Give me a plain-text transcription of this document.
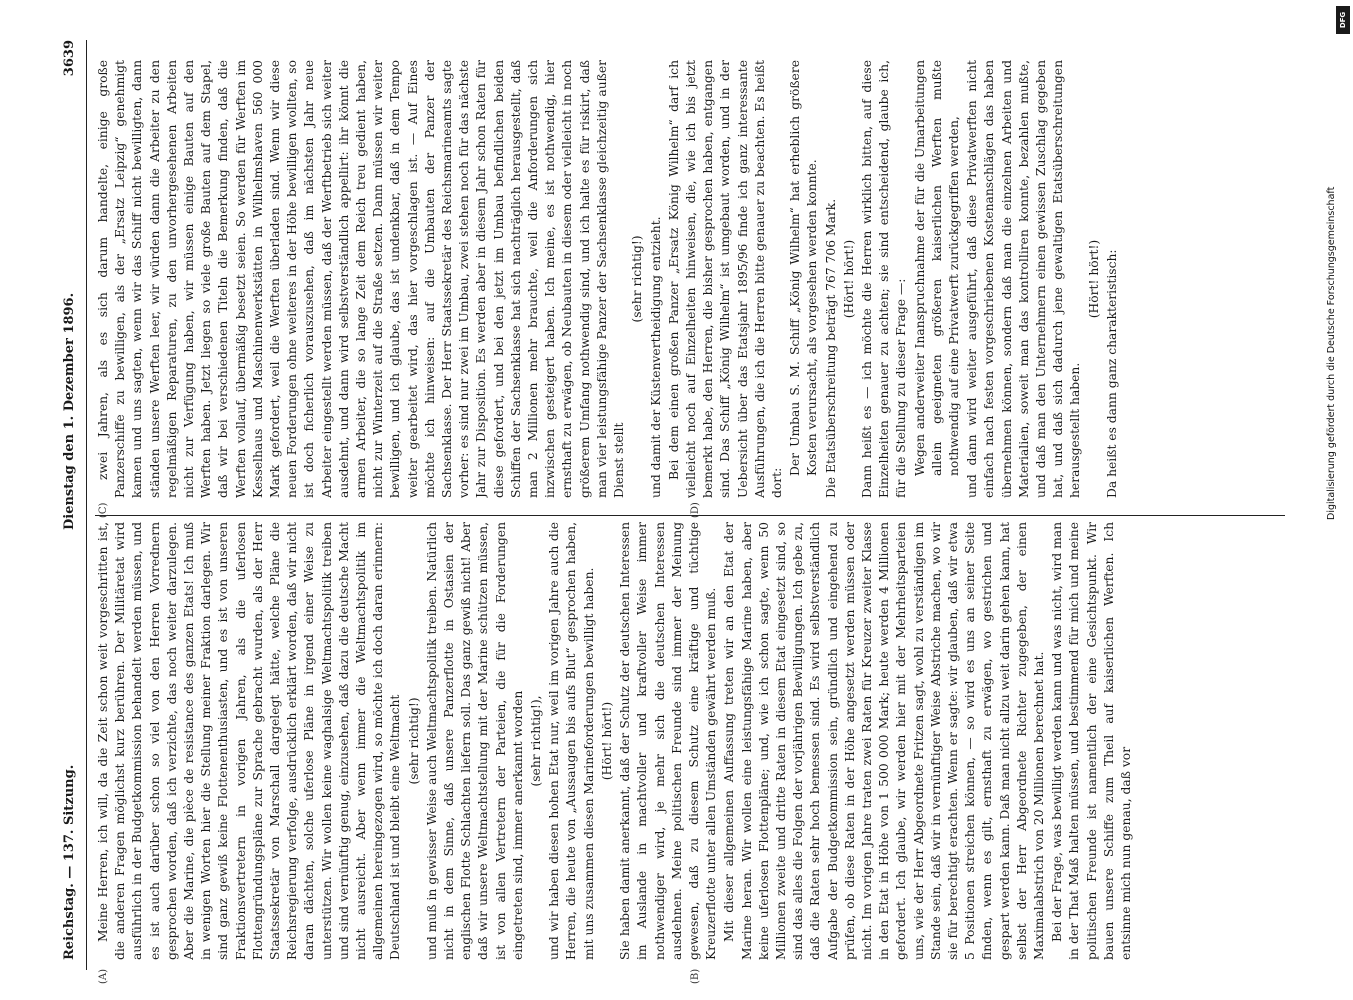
Reichstag. — 137. Sitzung.
Dienstag den 1. Dezember 1896.
3639
(A)	(B)
(C)	(D)

Meine Herren, ich will, da die Zeit schon weit vorgeschritten ist, die anderen Fragen möglichst kurz berühren. Der Militäretat wird ausführlich in der Budgetkommission behandelt werden müssen, und es ist auch darüber schon so viel von den Herren Vorrednern gesprochen worden, daß ich verzichte, das noch weiter darzulegen. Aber die Marine, die pièce de resistance des ganzen Etats! Ich muß in wenigen Worten hier die Stellung meiner Fraktion darlegen. Wir sind ganz gewiß keine Flottenenthusiasten, und es ist von unseren Fraktionsvertretern in vorigen Jahren, als die uferlosen Flottengründungspläne zur Sprache gebracht wurden, als der Herr Staatssekretär von Marschall dargelegt hätte, welche Pläne die Reichsregierung verfolge, ausdrücklich erklärt worden, daß wir nicht daran dächten, solche uferlose Pläne in irgend einer Weise zu unterstützen. Wir wollen keine waghalsige Weltmachtspolitik treiben und sind vernünftig genug, einzusehen, daß dazu die deutsche Macht nicht ausreicht. Aber wenn immer die Weltmachtspolitik im allgemeinen hereingezogen wird, so möchte ich doch daran erinnern: Deutschland ist und bleibt eine Weltmacht (sehr richtig!) und muß in gewisser Weise auch Weltmachtspolitik treiben. Natürlich nicht in dem Sinne, daß unsere Panzerflotte in Ostasien der englischen Flotte Schlachten liefern soll. Das ganz gewiß nicht! Aber daß wir unsere Weltmachtstellung mit der Marine schützen müssen, ist von allen Vertretern der Parteien, die für die Forderungen eingetreten sind, immer anerkannt worden (sehr richtig!), und wir haben diesen hohen Etat nur, weil im vorigen Jahre auch die Herren, die heute von „Aussaugen bis aufs Blut“ gesprochen haben, mit uns zusammen diesen Marineforderungen bewilligt haben. (Hört! hört!) Sie haben damit anerkannt, daß der Schutz der deutschen Interessen im Auslande in machtvoller und kraftvoller Weise immer nothwendiger wird, je mehr sich die deutschen Interessen ausdehnen. Meine politischen Freunde sind immer der Meinung gewesen, daß zu diesem Schutz eine kräftige und tüchtige Kreuzerflotte unter allen Umständen gewährt werden muß. Mit dieser allgemeinen Auffassung treten wir an den Etat der Marine heran. Wir wollen eine leistungsfähige Marine haben, aber keine uferlosen Flottenpläne; und, wie ich schon sagte, wenn 50 Millionen zweite und dritte Raten in diesem Etat eingesetzt sind, so sind das alles die Folgen der vorjährigen Bewilligungen. Ich gebe zu, daß die Raten sehr hoch bemessen sind. Es wird selbstverständlich Aufgabe der Budgetkommission sein, gründlich und eingehend zu prüfen, ob diese Raten in der Höhe angesetzt werden müssen oder nicht. Im vorigen Jahre traten zwei Raten für Kreuzer zweiter Klasse in den Etat in Höhe von 1 500 000 Mark; heute werden 4 Millionen gefordert. Ich glaube, wir werden hier mit der Mehrheitsparteien uns, wie der Herr Abgeordnete Fritzen sagt, wohl zu verständigen im Stande sein, daß wir in vernünftiger Weise Abstriche machen, wo wir sie für berechtigt erachten. Wenn er sagte: wir glauben, daß wir etwa 5 Positionen streichen können, — so wird es uns an seiner Seite finden, wenn es gilt, ernsthaft zu erwägen, wo gestrichen und gespart werden kann. Daß man nicht allzu weit darin gehen kann, hat selbst der Herr Abgeordnete Richter zugegeben, der einen Maximalabstrich von 20 Millionen berechnet hat. Bei der Frage, was bewilligt werden kann und was nicht, wird man in der That Maß halten müssen, und bestimmend für mich und meine politischen Freunde ist namentlich der eine Gesichtspunkt. Wir bauen unsere Schiffe zum Theil auf kaiserlichen Werften. Ich entsinne mich nun genau, daß vor

zwei Jahren, als es sich darum handelte, einige große Panzerschiffe zu bewilligen, als der „Ersatz Leipzig“ genehmigt kamen und uns sagten, wenn wir das Schiff nicht bewilligten, dann ständen unsere Werften leer, wir würden dann die Arbeiter zu den regelmäßigen Reparaturen, zu den unvorhergesehenen Arbeiten nicht zur Verfügung haben, wir müssen einige Bauten auf den Werften haben. Jetzt liegen so viele große Bauten auf dem Stapel, daß wir bei verschiedenen Titeln die Bemerkung finden, daß die Werften vollauf, übermäßig besetzt seien. So werden für Werften im Kesselhaus und Maschinenwerkstätten in Wilhelmshaven 560 000 Mark gefordert, weil die Werften überladen sind. Wenn wir diese neuen Forderungen ohne weiteres in der Höhe bewilligen wollten, so ist doch ficherlich vorauszusehen, daß im nächsten Jahr neue Arbeiter eingestellt werden müssen, daß der Werftbetrieb sich weiter ausdehnt, und dann wird selbstverständlich appellirt: ihr könnt die armen Arbeiter, die so lange Zeit dem Reich treu gedient haben, nicht zur Winterzeit auf die Straße setzen. Dann müssen wir weiter bewilligen, und ich glaube, das ist undenkbar, daß in dem Tempo weiter gearbeitet wird, das hier vorgeschlagen ist. — Auf Eines möchte ich hinweisen: auf die Umbauten der Panzer der Sachsenklasse. Der Herr Staatssekretär des Reichsmarineamts sagte vorher: es sind nur zwei im Umbau, zwei stehen noch für das nächste Jahr zur Disposition. Es werden aber in diesem Jahr schon Raten für diese gefordert, und bei den jetzt im Umbau befindlichen beiden Schiffen der Sachsenklasse hat sich nachträglich herausgestellt, daß man 2 Millionen mehr brauchte, weil die Anforderungen sich inzwischen gesteigert haben. Ich meine, es ist nothwendig, hier ernsthaft zu erwägen, ob Neubauten in diesem oder vielleicht in noch größerem Umfang nothwendig sind, und ich halte es für riskirt, daß man vier leistungsfähige Panzer der Sachsenklasse gleichzeitig außer Dienst stellt

(sehr richtig!) und damit der Küstenvertheidigung entzieht. Bei dem einen großen Panzer „Ersatz König Wilhelm“ darf ich vielleicht noch auf Einzelheiten hinweisen, die, wie ich bis jetzt bemerkt habe, den Herren, die bisher gesprochen haben, entgangen sind. Das Schiff „König Wilhelm“ ist umgebaut worden, und in der Uebersicht über das Etatsjahr 1895/96 finde ich ganz interessante Ausführungen, die ich die Herren bitte genauer zu beachten. Es heißt dort:

Der Umbau S. M. Schiff „König Wilhelm“ hat erheblich größere Kosten verursacht, als vorgesehen werden konnte. Die Etatsüberschreitung beträgt 767 706 Mark. (Hört! hört!) Dann heißt es — ich möchte die Herren wirklich bitten, auf diese Einzelheiten genauer zu achten; sie sind entscheidend, glaube ich, für die Stellung zu dieser Frage —: Wegen anderweiter Inanspruchnahme der für die Umarbeitungen allein geeigneten größeren kaiserlichen Werften mußte nothwendig auf eine Privatwerft zurückgegriffen werden, und dann wird weiter ausgeführt, daß diese Privatwerften nicht einfach nach festen vorgeschriebenen Kostenanschlägen das haben übernehmen können, sondern daß man die einzelnen Arbeiten und Materialien, soweit man das kontrolliren konnte, bezahlen mußte, und daß man den Unternehmern einen gewissen Zuschlag gegeben hat, und daß sich dadurch jene gewaltigen Etatsüberschreitungen herausgestellt haben.

(Hört! hört!) Da heißt es dann ganz charakteristisch:	Digitalisierung gefördert durch die Deutsche Forschungsgemeinschaft
DFG
